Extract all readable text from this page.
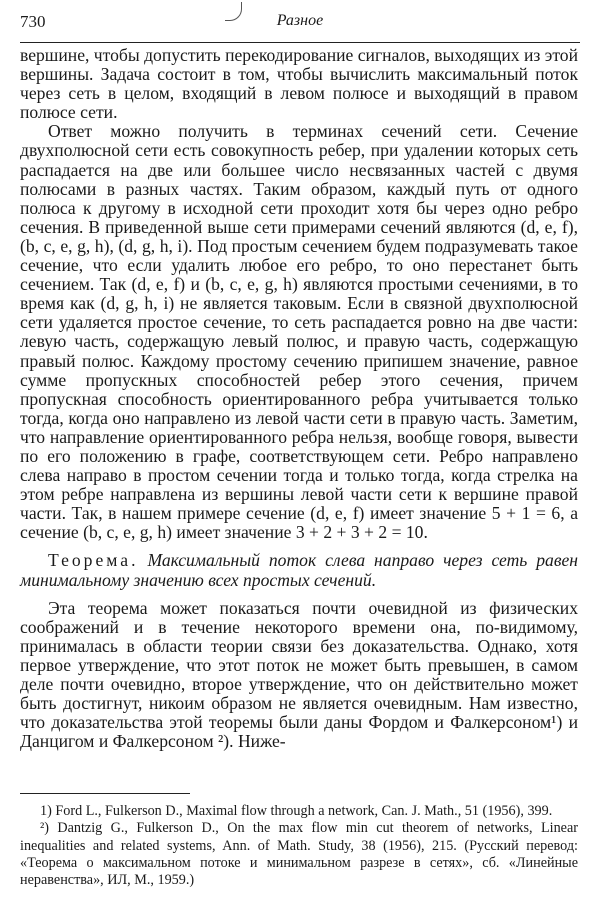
730	Разное

вершине, чтобы допустить перекодирование сигналов, выходящих из этой вершины. Задача состоит в том, чтобы вычислить максимальный поток через сеть в целом, входящий в левом полюсе и выходящий в правом полюсе сети.

Ответ можно получить в терминах сечений сети. Сечение двухполюсной сети есть совокупность ребер, при удалении которых сеть распадается на две или большее число несвязанных частей с двумя полюсами в разных частях. Таким образом, каждый путь от одного полюса к другому в исходной сети проходит хотя бы через одно ребро сечения. В приведенной выше сети примерами сечений являются (d, e, f), (b, c, e, g, h), (d, g, h, i). Под простым сечением будем подразумевать такое сечение, что если удалить любое его ребро, то оно перестанет быть сечением. Так (d, e, f) и (b, c, e, g, h) являются простыми сечениями, в то время как (d, g, h, i) не является таковым. Если в связной двухполюсной сети удаляется простое сечение, то сеть распадается ровно на две части: левую часть, содержащую левый полюс, и правую часть, содержащую правый полюс. Каждому простому сечению припишем значение, равное сумме пропускных способностей ребер этого сечения, причем пропускная способность ориентированного ребра учитывается только тогда, когда оно направлено из левой части сети в правую часть. Заметим, что направление ориентированного ребра нельзя, вообще говоря, вывести по его положению в графе, соответствующем сети. Ребро направлено слева направо в простом сечении тогда и только тогда, когда стрелка на этом ребре направлена из вершины левой части сети к вершине правой части. Так, в нашем примере сечение (d, e, f) имеет значение 5 + 1 = 6, а сечение (b, c, e, g, h) имеет значение 3 + 2 + 3 + 2 = 10.

Теорема. Максимальный поток слева направо через сеть равен минимальному значению всех простых сечений.

Эта теорема может показаться почти очевидной из физических соображений и в течение некоторого времени она, по-видимому, принималась в области теории связи без доказательства. Однако, хотя первое утверждение, что этот поток не может быть превышен, в самом деле почти очевидно, второе утверждение, что он действительно может быть достигнут, никоим образом не является очевидным. Нам известно, что доказательства этой теоремы были даны Фордом и Фалкерсоном¹) и Данцигом и Фалкерсоном ²). Ниже-

1) Ford L., Fulkerson D., Maximal flow through a network, Can. J. Math., 51 (1956), 399.

²) Dantzig G., Fulkerson D., On the max flow min cut theorem of networks, Linear inequalities and related systems, Ann. of Math. Study, 38 (1956), 215. (Русский перевод: «Теорема о максимальном потоке и минимальном разрезе в сетях», сб. «Линейные неравенства», ИЛ, М., 1959.)
